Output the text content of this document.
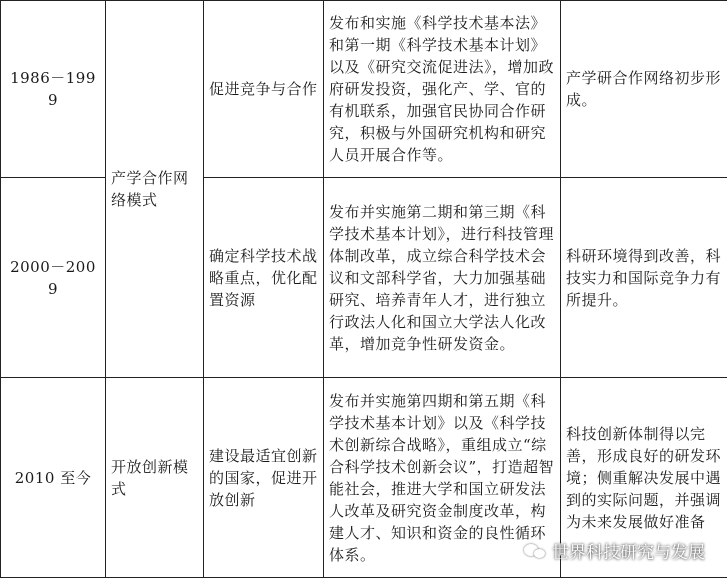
1986－1999	产学合作网络模式	促进竞争与合作	发布和实施《科学技术基本法》和第一期《科学技术基本计划》以及《研究交流促进法》，增加政府研发投资，强化产、学、官的有机联系，加强官民协同合作研究，积极与外国研究机构和研究人员开展合作等。	产学研合作网络初步形成。
2000－2009		确定科学技术战略重点，优化配置资源	发布并实施第二期和第三期《科学技术基本计划》，进行科技管理体制改革，成立综合科学技术会议和文部科学省，大力加强基础研究、培养青年人才，进行独立行政法人化和国立大学法人化改革，增加竞争性研发资金。	科研环境得到改善，科技实力和国际竞争力有所提升。
2010 至今	开放创新模式	建设最适宜创新的国家，促进开放创新	发布并实施第四期和第五期《科学技术基本计划》以及《科学技术创新综合战略》，重组成立“综合科学技术创新会议”，打造超智能社会，推进大学和国立研发法人改革及研究资金制度改革，构建人才、知识和资金的良性循环体系。	科技创新体制得以完善，形成良好的研发环境；侧重解决发展中遇到的实际问题，并强调为未来发展做好准备
世界科技研究与发展
